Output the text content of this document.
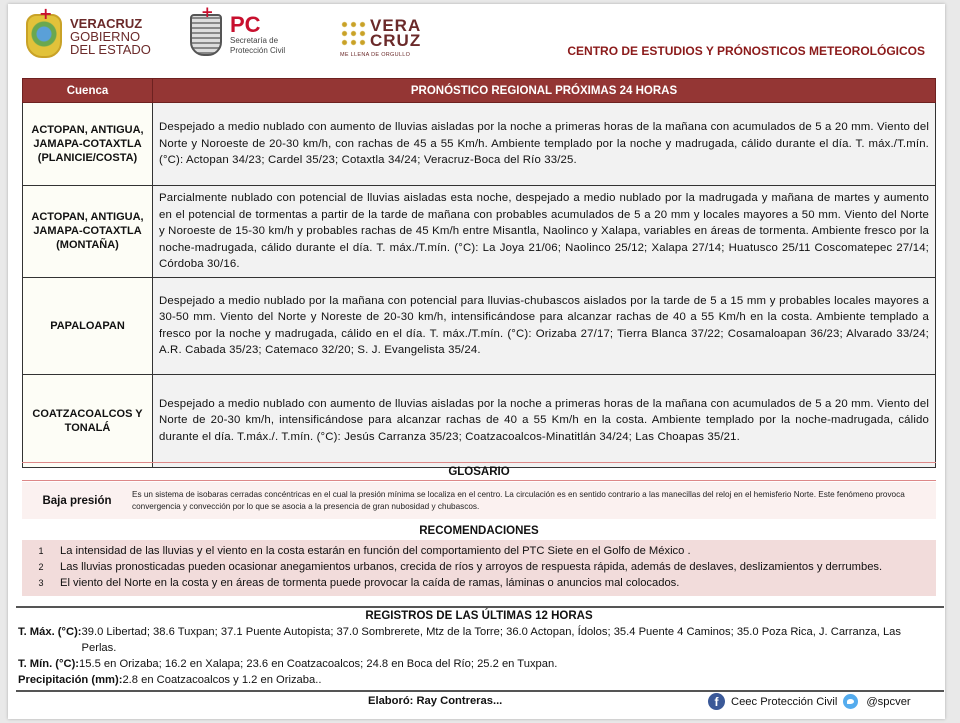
+
VERACRUZ
GOBIERNO
DEL ESTADO
+
PC
Secretaría de
Protección Civil
VERA
CRUZ
ME LLENA DE ORGULLO	CENTRO DE ESTUDIOS Y PRÓNOSTICOS METEOROLÓGICOS
Cuenca	PRONÓSTICO REGIONAL PRÓXIMAS 24 HORAS
ACTOPAN, ANTIGUA, JAMAPA-COTAXTLA (PLANICIE/COSTA)	Despejado a medio nublado con aumento de lluvias aisladas por la noche a primeras horas de la mañana con acumulados de 5 a 20 mm. Viento del Norte y Noroeste de 20-30 km/h, con rachas de 45 a 55 Km/h. Ambiente templado por la noche y madrugada, cálido durante el día. T. máx./T.mín. (°C): Actopan 34/23; Cardel 35/23; Cotaxtla 34/24; Veracruz-Boca del Río 33/25.
ACTOPAN, ANTIGUA, JAMAPA-COTAXTLA (MONTAÑA)	Parcialmente nublado con potencial de lluvias aisladas esta noche, despejado a medio nublado por la madrugada y mañana de martes y aumento en el potencial de tormentas a partir de la tarde de mañana con probables acumulados de 5 a 20 mm y locales mayores a 50 mm. Viento del Norte y Noroeste de 15-30 km/h y probables rachas de 45 Km/h entre Misantla, Naolinco y Xalapa, variables en áreas de tormenta. Ambiente fresco por la noche-madrugada, cálido durante el día. T. máx./T.mín. (°C): La Joya 21/06; Naolinco 25/12; Xalapa 27/14; Huatusco 25/11 Coscomatepec 27/14; Córdoba 30/16.
PAPALOAPAN	Despejado a medio nublado por la mañana con potencial para lluvias-chubascos aislados por la tarde de 5 a 15 mm y probables locales mayores a 30-50 mm. Viento del Norte y Noreste de 20-30 km/h, intensificándose para alcanzar rachas de 40 a 55 Km/h en la costa. Ambiente templado a fresco por la noche y madrugada, cálido en el día. T. máx./T.mín. (°C): Orizaba 27/17; Tierra Blanca 37/22; Cosamaloapan 36/23; Alvarado 33/24; A.R. Cabada 35/23; Catemaco 32/20; S. J. Evangelista 35/24.
COATZACOALCOS Y TONALÁ	Despejado a medio nublado con aumento de lluvias aisladas por la noche a primeras horas de la mañana con acumulados de 5 a 20 mm. Viento del Norte de 20-30 km/h, intensificándose para alcanzar rachas de 40 a 55 Km/h en la costa. Ambiente templado por la noche-madrugada, cálido durante el día. T.máx./. T.mín. (°C): Jesús Carranza 35/23; Coatzacoalcos-Minatitlán 34/24; Las Choapas 35/21.
GLOSARIO
Baja presión
Es un sistema de isobaras cerradas concéntricas en el cual la presión mínima se localiza en el centro. La circulación es en sentido contrario a las manecillas del reloj en el hemisferio Norte. Este fenómeno provoca convergencia y convección por lo que se asocia a la presencia de gran nubosidad y chubascos.
RECOMENDACIONES
1	La intensidad de las lluvias y el viento en la costa estarán en función del comportamiento del PTC Siete en el Golfo de México .
2	Las lluvias pronosticadas pueden ocasionar anegamientos urbanos, crecida de ríos y arroyos de respuesta rápida, además de deslaves, deslizamientos y derrumbes.
3	El viento del Norte en la costa y en áreas de tormenta puede provocar la caída de ramas, láminas o anuncios mal colocados.
REGISTROS DE LAS ÚLTIMAS 12 HORAS
T. Máx. (°C): 39.0 Libertad; 38.6 Tuxpan; 37.1 Puente Autopista; 37.0 Sombrerete, Mtz de la Torre; 36.0 Actopan, Ídolos; 35.4 Puente 4 Caminos; 35.0 Poza Rica, J. Carranza, Las Perlas.
T. Mín. (°C): 15.5 en Orizaba; 16.2 en Xalapa; 23.6 en Coatzacoalcos; 24.8 en Boca del Río; 25.2 en Tuxpan.
Precipitación (mm): 2.8 en Coatzacoalcos y 1.2 en Orizaba..
Elaboró: Ray Contreras...	f	Ceec Protección Civil	@spcver
